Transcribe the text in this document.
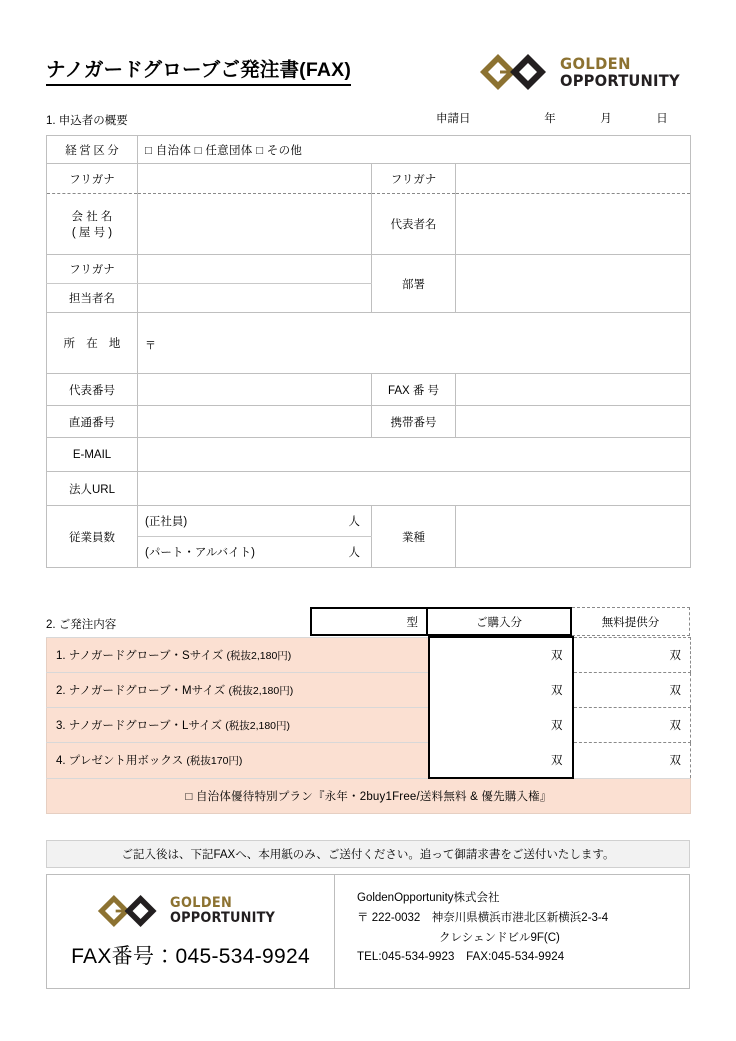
ナノガードグローブご発注書(FAX)	GOLDEN
OPPORTUNITY
1. 申込者の概要	申請日	年	月	日
経営区分	□ 自治体 □ 任意団体 □ その他		
フリガナ		フリガナ	

会 社 名
( 屋 号 )		代表者名	
フリガナ		部署	
担当者名			
所 在 地	〒		

代表番号		FAX 番 号	
直通番号		携帯番号	
E-MAIL			
法人URL			
従業員数	(正社員) 人	業種	

	(パート・アルバイト) 人		
2. ご発注内容	型	ご購入分	無料提供分
1. ナノガードグローブ・Sサイズ (税抜2,180円)	双	双
2. ナノガードグローブ・Mサイズ (税抜2,180円)	双	双
3. ナノガードグローブ・Lサイズ (税抜2,180円)	双	双
4. プレゼント用ボックス (税抜170円)	双	双
□ 自治体優待特別プラン『永年・2buy1Free/送料無料 & 優先購入権』		
ご記入後は、下記FAXへ、本用紙のみ、ご送付ください。追って御請求書をご送付いたします。
GOLDEN
OPPORTUNITY
FAX番号：045-534-9924
GoldenOpportunity株式会社
〒 222-0032　神奈川県横浜市港北区新横浜2-3-4
クレシェンドビル9F(C)
TEL:045-534-9923　FAX:045-534-9924
